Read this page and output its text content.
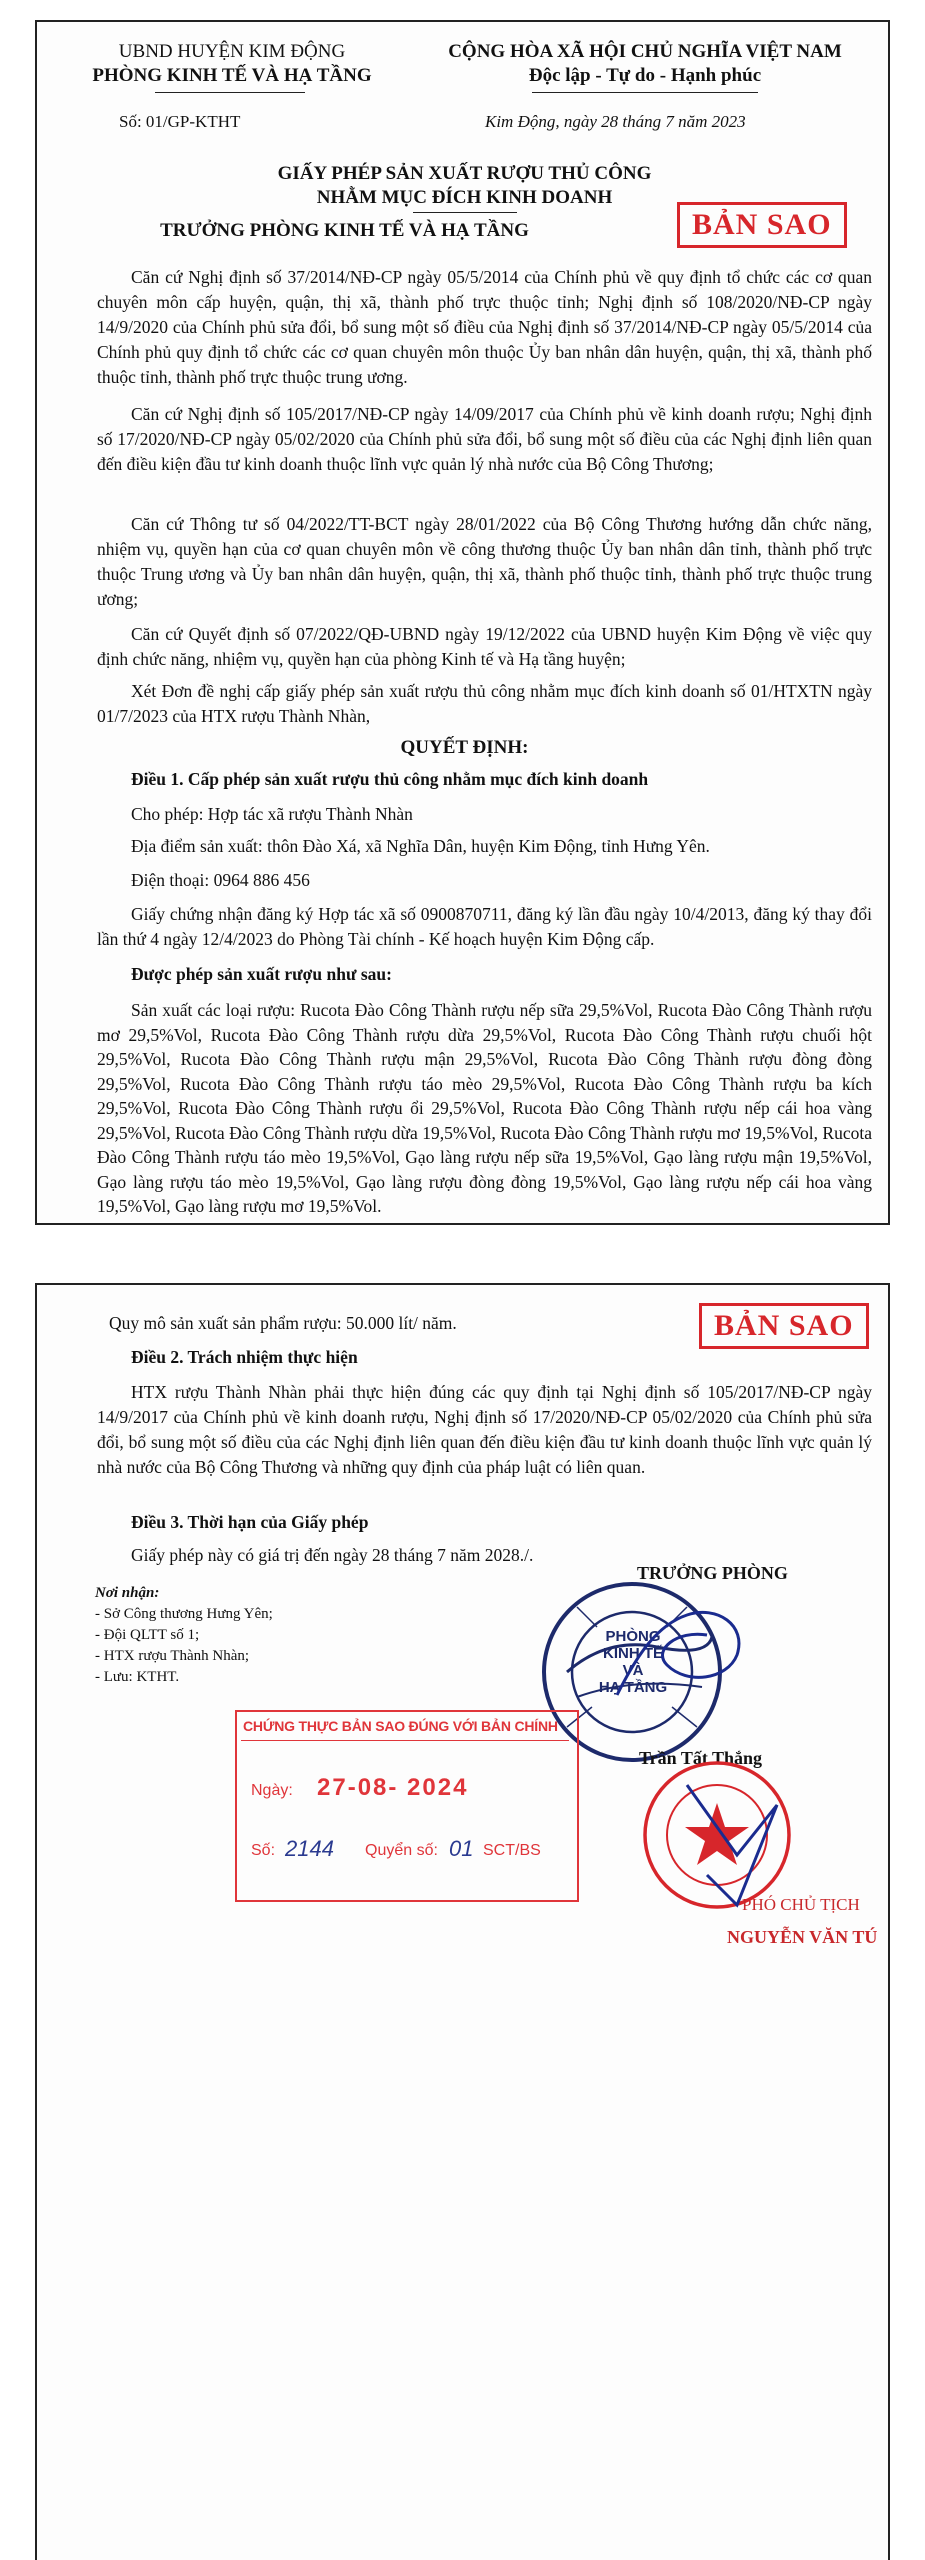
UBND HUYỆN KIM ĐỘNG
PHÒNG KINH TẾ VÀ HẠ TẦNG
CỘNG HÒA XÃ HỘI CHỦ NGHĨA VIỆT NAM
Độc lập - Tự do - Hạnh phúc
Số: 01/GP-KTHT	Kim Động, ngày 28 tháng 7 năm 2023
GIẤY PHÉP SẢN XUẤT RƯỢU THỦ CÔNG
NHẰM MỤC ĐÍCH KINH DOANH
TRƯỞNG PHÒNG KINH TẾ VÀ HẠ TẦNG	BẢN SAO
Căn cứ Nghị định số 37/2014/NĐ-CP ngày 05/5/2014 của Chính phủ về quy định tổ chức các cơ quan chuyên môn cấp huyện, quận, thị xã, thành phố trực thuộc tỉnh; Nghị định số 108/2020/NĐ-CP ngày 14/9/2020 của Chính phủ sửa đổi, bổ sung một số điều của Nghị định số 37/2014/NĐ-CP ngày 05/5/2014 của Chính phủ quy định tổ chức các cơ quan chuyên môn thuộc Ủy ban nhân dân huyện, quận, thị xã, thành phố thuộc tỉnh, thành phố trực thuộc trung ương.
Căn cứ Nghị định số 105/2017/NĐ-CP ngày 14/09/2017 của Chính phủ về kinh doanh rượu; Nghị định số 17/2020/NĐ-CP ngày 05/02/2020 của Chính phủ sửa đổi, bổ sung một số điều của các Nghị định liên quan đến điều kiện đầu tư kinh doanh thuộc lĩnh vực quản lý nhà nước của Bộ Công Thương;
Căn cứ Thông tư số 04/2022/TT-BCT ngày 28/01/2022 của Bộ Công Thương hướng dẫn chức năng, nhiệm vụ, quyền hạn của cơ quan chuyên môn về công thương thuộc Ủy ban nhân dân tỉnh, thành phố trực thuộc Trung ương và Ủy ban nhân dân huyện, quận, thị xã, thành phố thuộc tỉnh, thành phố trực thuộc trung ương;
Căn cứ Quyết định số 07/2022/QĐ-UBND ngày 19/12/2022 của UBND huyện Kim Động về việc quy định chức năng, nhiệm vụ, quyền hạn của phòng Kinh tế và Hạ tầng huyện;
Xét Đơn đề nghị cấp giấy phép sản xuất rượu thủ công nhằm mục đích kinh doanh số 01/HTXTN ngày 01/7/2023 của HTX rượu Thành Nhàn,
QUYẾT ĐỊNH:
Điều 1. Cấp phép sản xuất rượu thủ công nhằm mục đích kinh doanh
Cho phép: Hợp tác xã rượu Thành Nhàn
Địa điểm sản xuất: thôn Đào Xá, xã Nghĩa Dân, huyện Kim Động, tỉnh Hưng Yên.
Điện thoại: 0964 886 456
Giấy chứng nhận đăng ký Hợp tác xã số 0900870711, đăng ký lần đầu ngày 10/4/2013, đăng ký thay đổi lần thứ 4 ngày 12/4/2023 do Phòng Tài chính - Kế hoạch huyện Kim Động cấp.
Được phép sản xuất rượu như sau:
Sản xuất các loại rượu: Rucota Đào Công Thành rượu nếp sữa 29,5%Vol, Rucota Đào Công Thành rượu mơ 29,5%Vol, Rucota Đào Công Thành rượu dừa 29,5%Vol, Rucota Đào Công Thành rượu chuối hột 29,5%Vol, Rucota Đào Công Thành rượu mận 29,5%Vol, Rucota Đào Công Thành rượu đòng đòng 29,5%Vol, Rucota Đào Công Thành rượu táo mèo 29,5%Vol, Rucota Đào Công Thành rượu ba kích 29,5%Vol, Rucota Đào Công Thành rượu ổi 29,5%Vol, Rucota Đào Công Thành rượu nếp cái hoa vàng 29,5%Vol, Rucota Đào Công Thành rượu dừa 19,5%Vol, Rucota Đào Công Thành rượu mơ 19,5%Vol, Rucota Đào Công Thành rượu táo mèo 19,5%Vol, Gạo làng rượu nếp sữa 19,5%Vol, Gạo làng rượu mận 19,5%Vol, Gạo làng rượu táo mèo 19,5%Vol, Gạo làng rượu đòng đòng 19,5%Vol, Gạo làng rượu nếp cái hoa vàng 19,5%Vol, Gạo làng rượu mơ 19,5%Vol.
Quy mô sản xuất sản phẩm rượu: 50.000 lít/ năm.	BẢN SAO
Điều 2. Trách nhiệm thực hiện
HTX rượu Thành Nhàn phải thực hiện đúng các quy định tại Nghị định số 105/2017/NĐ-CP ngày 14/9/2017 của Chính phủ về kinh doanh rượu, Nghị định số 17/2020/NĐ-CP 05/02/2020 của Chính phủ sửa đổi, bổ sung một số điều của các Nghị định liên quan đến điều kiện đầu tư kinh doanh thuộc lĩnh vực quản lý nhà nước của Bộ Công Thương và những quy định của pháp luật có liên quan.
Điều 3. Thời hạn của Giấy phép
Giấy phép này có giá trị đến ngày 28 tháng 7 năm 2028./.
Nơi nhận:
- Sở Công thương Hưng Yên;
- Đội QLTT số 1;
- HTX rượu Thành Nhàn;
- Lưu: KTHT.
TRƯỞNG PHÒNG
PHÒNG
KINH TẾ
VÀ
HẠ TẦNG
Trần Tất Thắng
CHỨNG THỰC BẢN SAO ĐÚNG VỚI BẢN CHÍNH
Ngày: 27-08- 2024
Số: 2144 Quyển số: 01 SCT/BS
PHÓ CHỦ TỊCH
NGUYỄN VĂN TÚ
